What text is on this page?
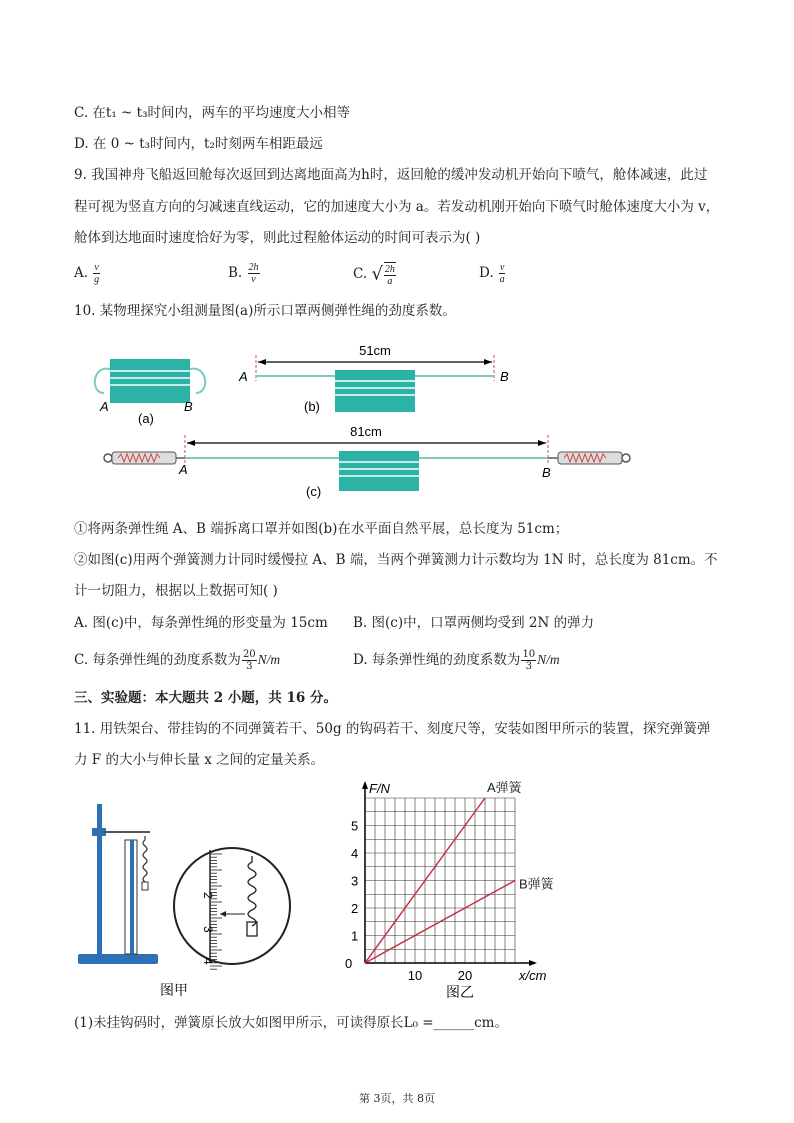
C. 在t₁ ~ t₃时间内，两车的平均速度大小相等
D. 在 0 ~ t₃时间内，t₂时刻两车相距最远
9. 我国神舟飞船返回舱每次返回到达离地面高为h时，返回舱的缓冲发动机开始向下喷气，舱体减速，此过
程可视为竖直方向的匀减速直线运动，它的加速度大小为 a。若发动机刚开始向下喷气时舱体速度大小为 v，
舱体到达地面时速度恰好为零，则此过程舱体运动的时间可表示为( )
A. $\frac{v}{g}$	B. $\frac{2h}{v}$	C. √ $\frac{2h}{a}$	D. $\frac{v}{a}$
10. 某物理探究小组测量图(a)所示口罩两侧弹性绳的劲度系数。
A	B
(a)
51cm
A	B
(b)
81cm
A	B
(c)
①将两条弹性绳 A、B 端拆离口罩并如图(b)在水平面自然平展，总长度为 51cm；
②如图(c)用两个弹簧测力计同时缓慢拉 A、B 端，当两个弹簧测力计示数均为 1N 时，总长度为 81cm。不
计一切阻力，根据以上数据可知( )
A. 图(c)中，每条弹性绳的形变量为 15cm B. 图(c)中，口罩两侧均受到 2N 的弹力
C. 每条弹性绳的劲度系数为 $\frac{20}{3} N/m$	D. 每条弹性绳的劲度系数为 $\frac{10}{3} N/m$
三、实验题：本大题共 2 小题，共 16 分。
11. 用铁架台、带挂钩的不同弹簧若干、50g 的钩码若干、刻度尺等，安装如图甲所示的装置，探究弹簧弹
力 F 的大小与伸长量 x 之间的定量关系。
2
3
4
图甲
A弹簧
B弹簧
1
2
3
4
5
10	20
0
x/cm
F/N
图乙
(1)未挂钩码时，弹簧原长放大如图甲所示，可读得原长L₀ =______cm。
第 3页，共 8页
